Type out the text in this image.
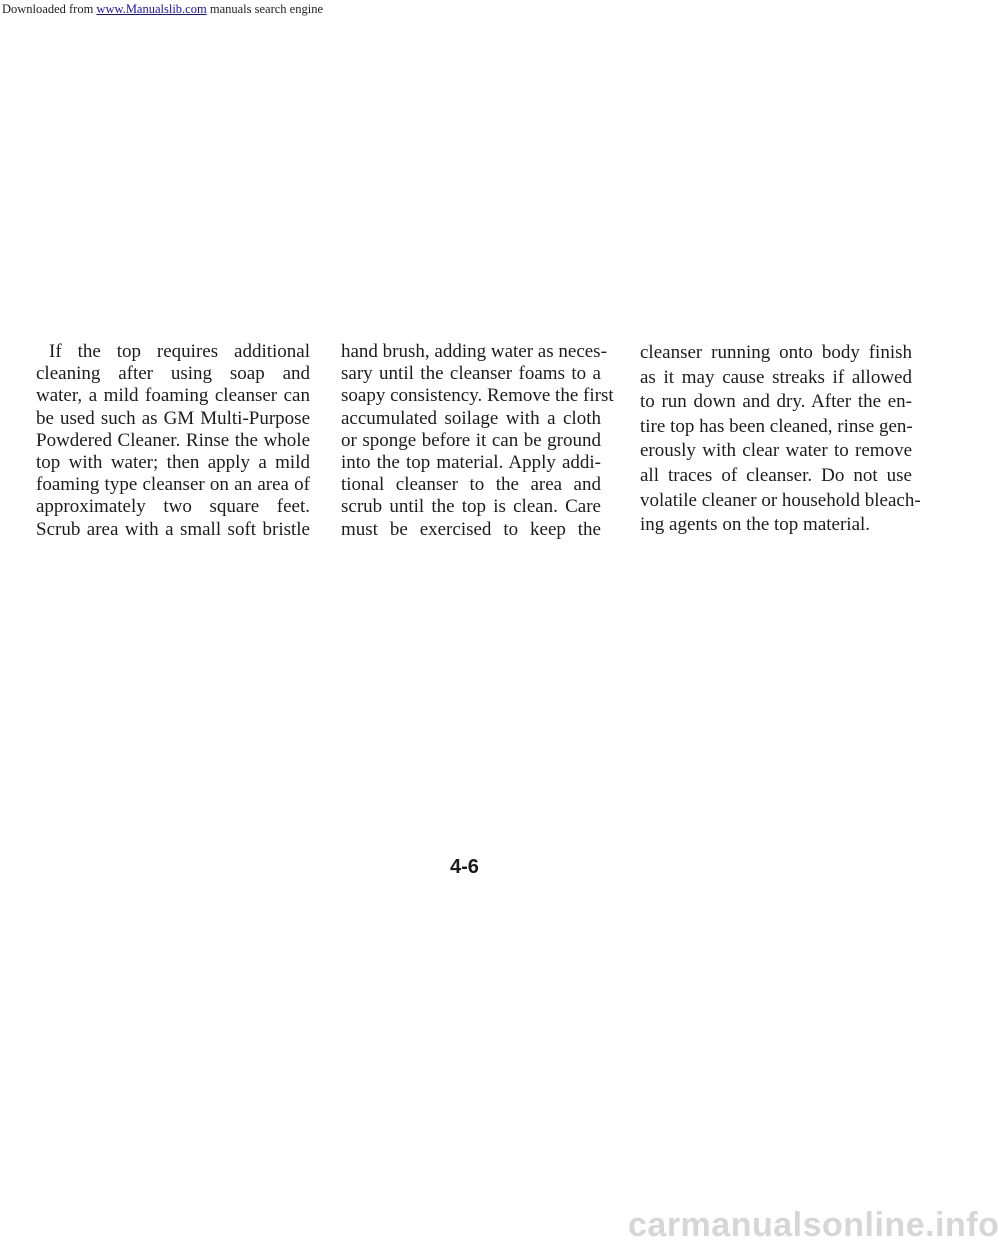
Downloaded from www.Manualslib.com manuals search engine
If the top requires additional
cleaning after using soap and
water, a mild foaming cleanser can
be used such as GM Multi-Purpose
Powdered Cleaner. Rinse the whole
top with water; then apply a mild
foaming type cleanser on an area of
approximately two square feet.
Scrub area with a small soft bristle
hand brush, adding water as neces-
sary until the cleanser foams to a
soapy consistency. Remove the first
accumulated soilage with a cloth
or sponge before it can be ground
into the top material. Apply addi-
tional cleanser to the area and
scrub until the top is clean. Care
must be exercised to keep the
cleanser running onto body finish
as it may cause streaks if allowed
to run down and dry. After the en-
tire top has been cleaned, rinse gen-
erously with clear water to remove
all traces of cleanser. Do not use
volatile cleaner or household bleach-
ing agents on the top material.
4-6
carmanualsonline.info
